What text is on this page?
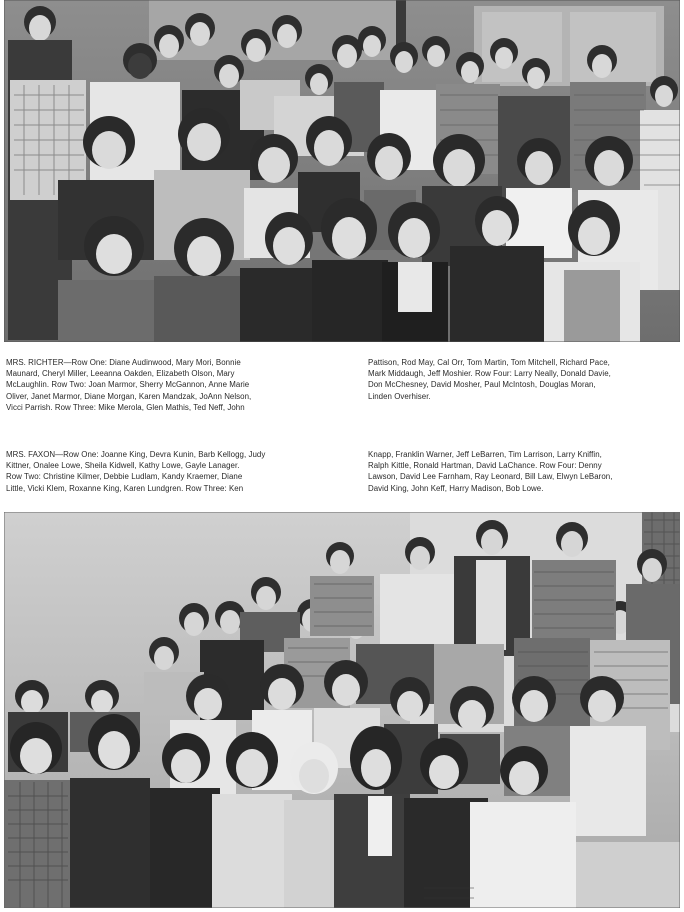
MRS. RICHTER—Row One: Diane Audinwood, Mary Mori, Bonnie
Maunard, Cheryl Miller, Leeanna Oakden, Elizabeth Olson, Mary
McLaughlin. Row Two: Joan Marmor, Sherry McGannon, Anne Marie
Oliver, Janet Marmor, Diane Morgan, Karen Mandzak, JoAnn Nelson,
Vicci Parrish. Row Three: Mike Merola, Glen Mathis, Ted Neff, John
Pattison, Rod May, Cal Orr, Tom Martin, Tom Mitchell, Richard Pace,
Mark Middaugh, Jeff Moshier. Row Four: Larry Neally, Donald Davie,
Don McChesney, David Mosher, Paul McIntosh, Douglas Moran,
Linden Overhiser.
MRS. FAXON—Row One: Joanne King, Devra Kunin, Barb Kellogg, Judy
Kittner, Onalee Lowe, Sheila Kidwell, Kathy Lowe, Gayle Lanager.
Row Two: Christine Kilmer, Debbie Ludlam, Kandy Kraemer, Diane
Little, Vicki Klem, Roxanne King, Karen Lundgren. Row Three: Ken
Knapp, Franklin Warner, Jeff LeBarren, Tim Larrison, Larry Kniffin,
Ralph Kittle, Ronald Hartman, David LaChance. Row Four: Denny
Lawson, David Lee Farnham, Ray Leonard, Bill Law, Elwyn LeBaron,
David King, John Keff, Harry Madison, Bob Lowe.
